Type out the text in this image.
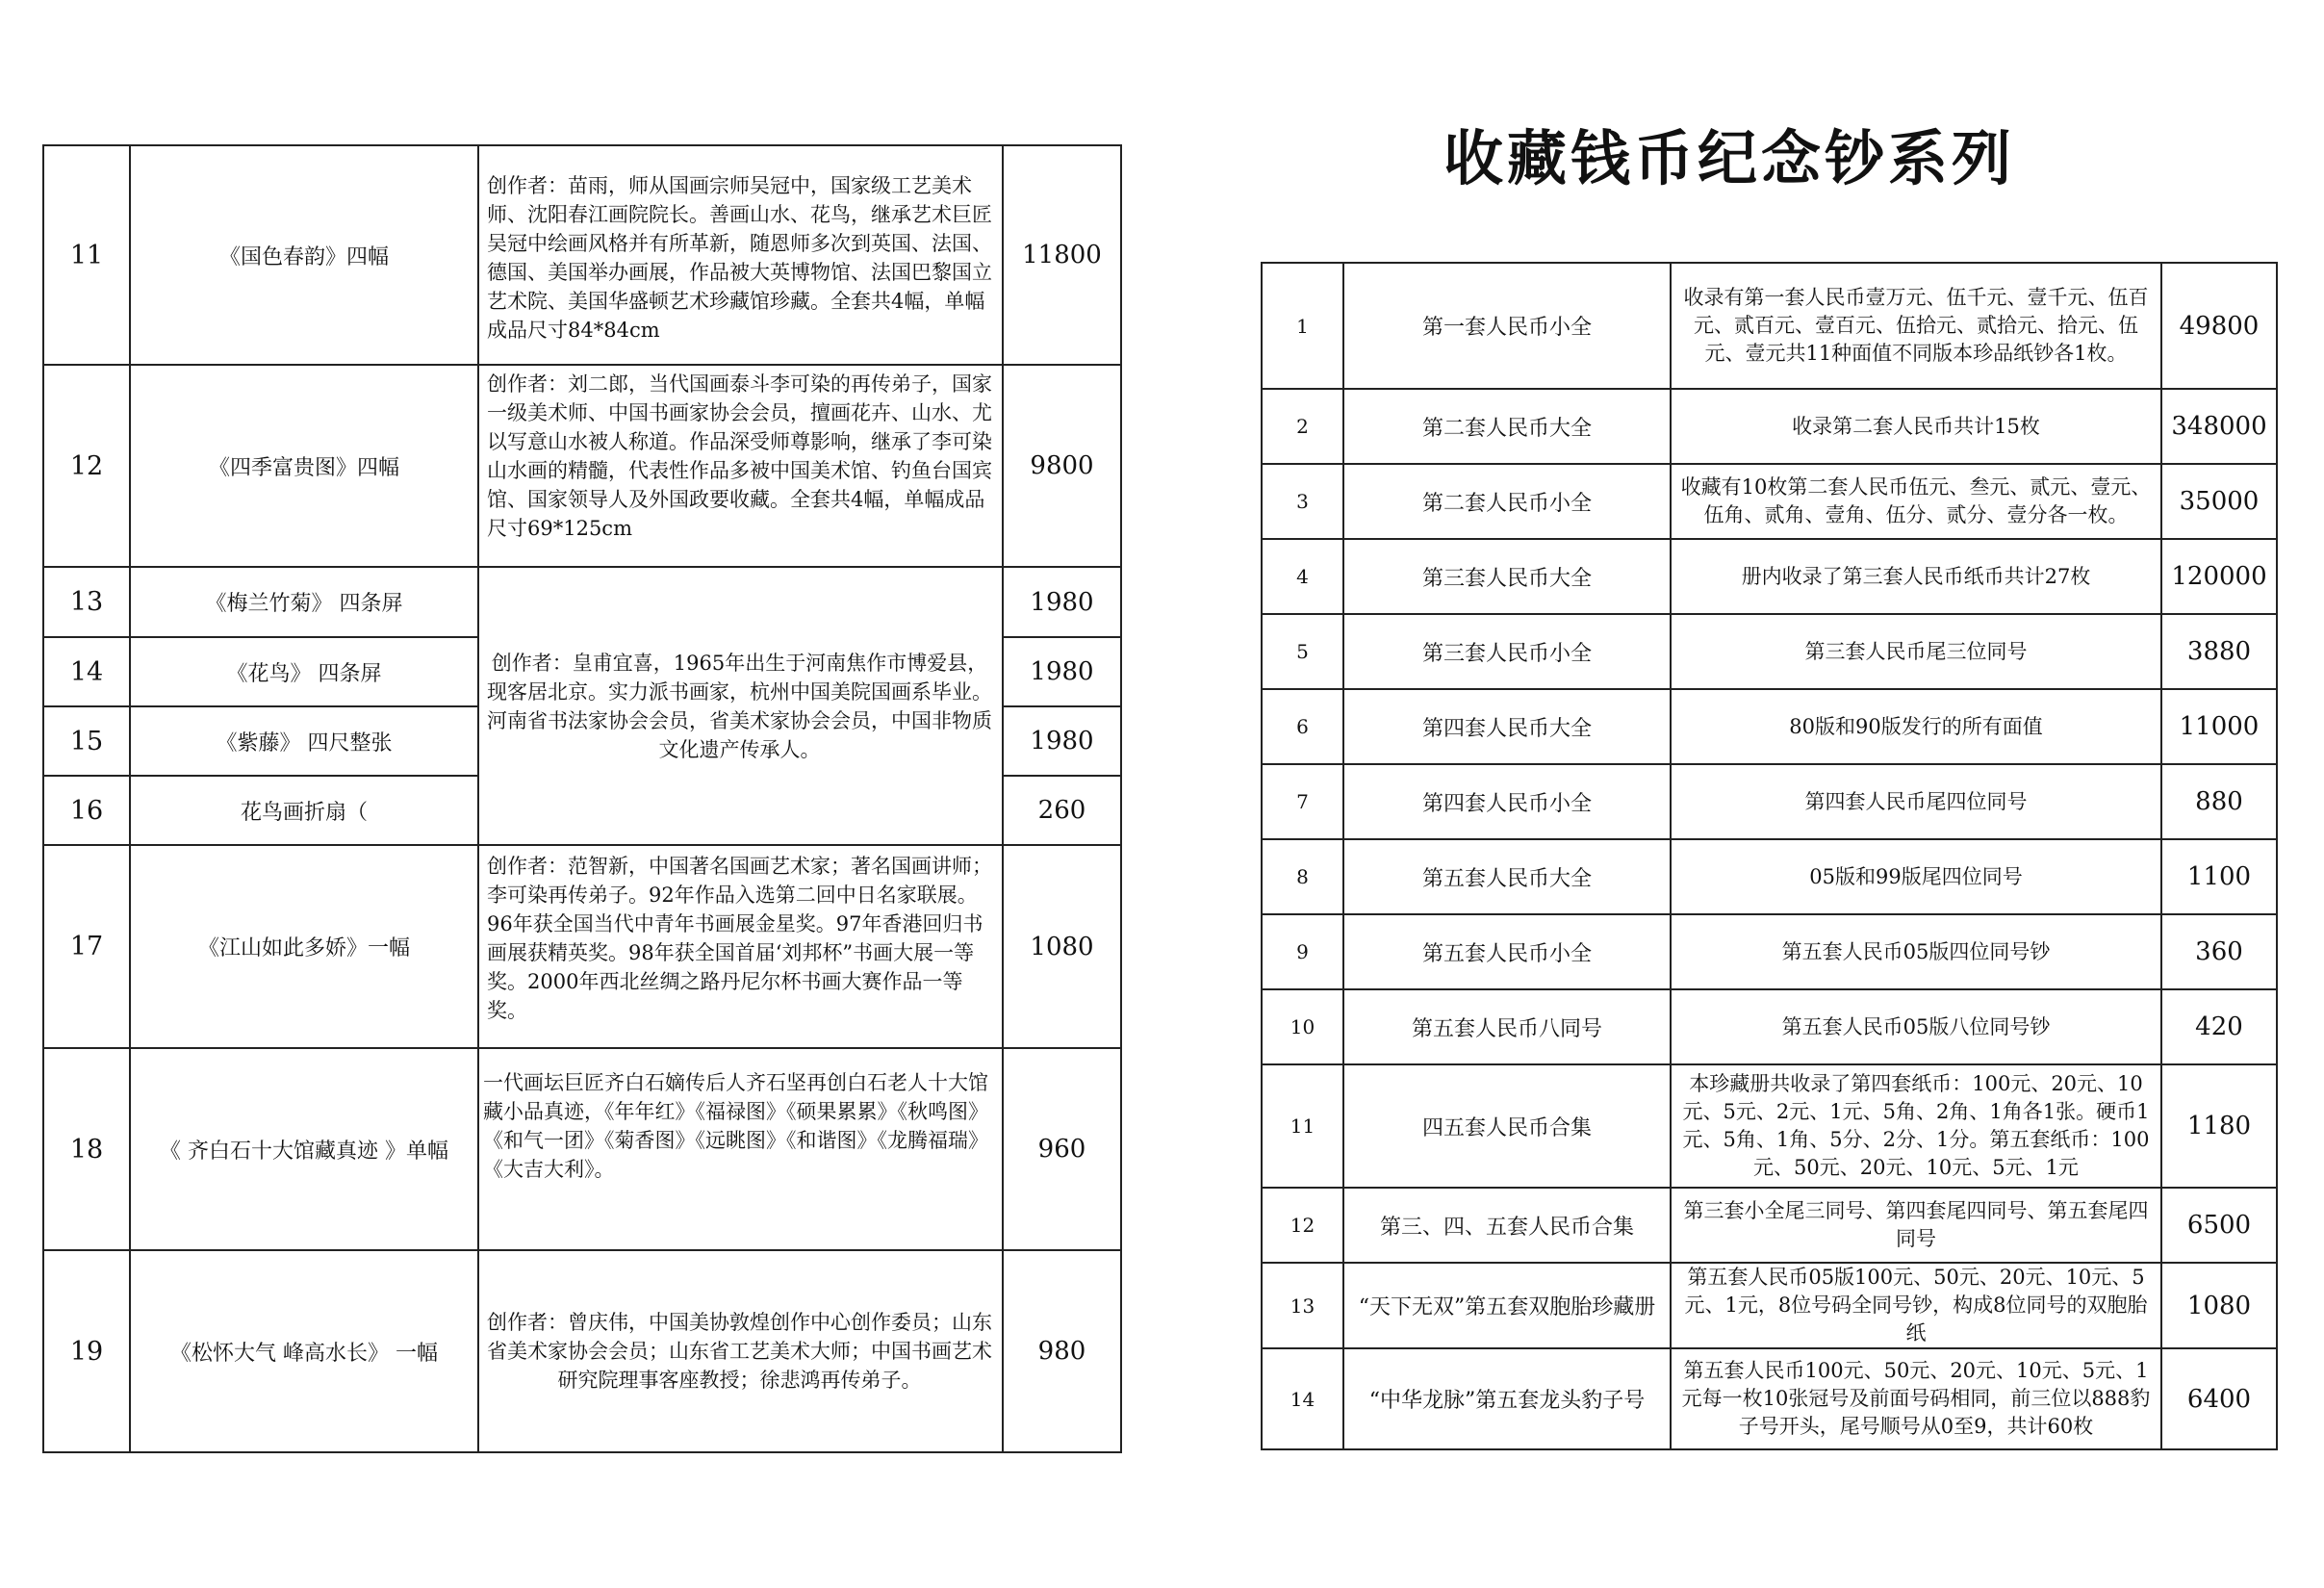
11	《国色春韵》四幅	创作者：苗雨，师从国画宗师吴冠中，国家级工艺美术师、沈阳春江画院院长。善画山水、花鸟，继承艺术巨匠吴冠中绘画风格并有所革新，随恩师多次到英国、法国、德国、美国举办画展，作品被大英博物馆、法国巴黎国立艺术院、美国华盛顿艺术珍藏馆珍藏。全套共4幅，单幅成品尺寸84*84cm	11800
12	《四季富贵图》四幅	创作者：刘二郎，当代国画泰斗李可染的再传弟子，国家一级美术师、中国书画家协会会员，擅画花卉、山水、尤以写意山水被人称道。作品深受师尊影响，继承了李可染山水画的精髓，代表性作品多被中国美术馆、钓鱼台国宾馆、国家领导人及外国政要收藏。全套共4幅，单幅成品尺寸69*125cm	9800
13	《梅兰竹菊》 四条屏	创作者：皇甫宜喜，1965年出生于河南焦作市博爱县，现客居北京。实力派书画家，杭州中国美院国画系毕业。河南省书法家协会会员，省美术家协会会员，中国非物质文化遗产传承人。	1980
14	《花鸟》 四条屏		1980
15	《紫藤》 四尺整张		1980
16	花鸟画折扇（		260
17	《江山如此多娇》一幅	创作者：范智新，中国著名国画艺术家；著名国画讲师；李可染再传弟子。92年作品入选第二回中日名家联展。96年获全国当代中青年书画展金星奖。97年香港回归书画展获精英奖。98年获全国首届‘刘邦杯”书画大展一等奖。2000年西北丝绸之路丹尼尔杯书画大赛作品一等奖。	1080
18	《 齐白石十大馆藏真迹 》单幅	一代画坛巨匠齐白石嫡传后人齐石坚再创白石老人十大馆藏小品真迹，《年年红》《福禄图》《硕果累累》《秋鸣图》《和气一团》《菊香图》《远眺图》《和谐图》《龙腾福瑞》《大吉大利》。	960
19	《松怀大气 峰高水长》 一幅	创作者：曾庆伟，中国美协敦煌创作中心创作委员；山东省美术家协会会员；山东省工艺美术大师；中国书画艺术研究院理事客座教授；徐悲鸿再传弟子。	980
收藏钱币纪念钞系列
1	第一套人民币小全	收录有第一套人民币壹万元、伍千元、壹千元、伍百元、贰百元、壹百元、伍拾元、贰拾元、拾元、伍元、壹元共11种面值不同版本珍品纸钞各1枚。	49800
2	第二套人民币大全	收录第二套人民币共计15枚	348000
3	第二套人民币小全	收藏有10枚第二套人民币伍元、叁元、贰元、壹元、伍角、贰角、壹角、伍分、贰分、壹分各一枚。	35000
4	第三套人民币大全	册内收录了第三套人民币纸币共计27枚	120000
5	第三套人民币小全	第三套人民币尾三位同号	3880
6	第四套人民币大全	80版和90版发行的所有面值	11000
7	第四套人民币小全	第四套人民币尾四位同号	880
8	第五套人民币大全	05版和99版尾四位同号	1100
9	第五套人民币小全	第五套人民币05版四位同号钞	360
10	第五套人民币八同号	第五套人民币05版八位同号钞	420
11	四五套人民币合集	本珍藏册共收录了第四套纸币：100元、20元、10元、5元、2元、1元、5角、2角、1角各1张。硬币1元、5角、1角、5分、2分、1分。第五套纸币：100元、50元、20元、10元、5元、1元	1180
12	第三、四、五套人民币合集	第三套小全尾三同号、第四套尾四同号、第五套尾四同号	6500
13	“天下无双”第五套双胞胎珍藏册	第五套人民币05版100元、50元、20元、10元、5元、1元，8位号码全同号钞，构成8位同号的双胞胎纸	1080
14	“中华龙脉”第五套龙头豹子号	第五套人民币100元、50元、20元、10元、5元、1元每一枚10张冠号及前面号码相同，前三位以888豹子号开头，尾号顺号从0至9，共计60枚	6400
